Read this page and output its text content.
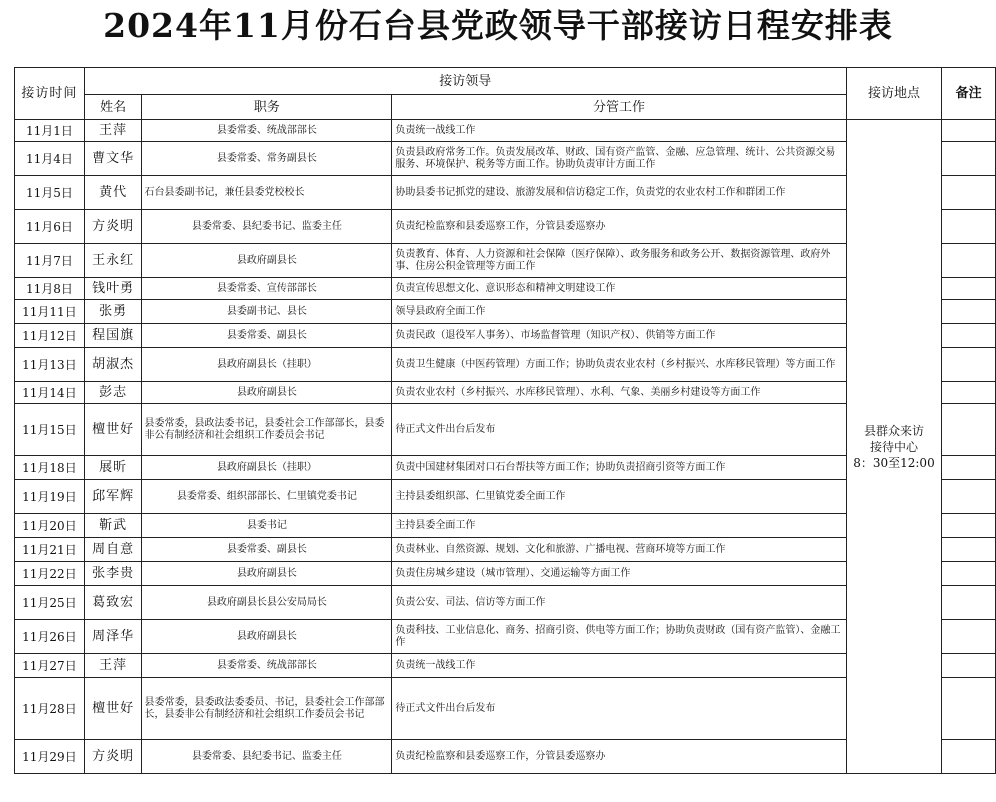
2024年11月份石台县党政领导干部接访日程安排表
接访时间	接访领导			接访地点	备注
	姓名	职务	分管工作		
11月1日	王萍	县委常委、统战部部长	负责统一战线工作	县群众来访
接待中心
8：30至12:00	

11月4日	曹文华	县委常委、常务副县长	负责县政府常务工作。负责发展改革、财政、国有资产监管、金融、应急管理、统计、公共资源交易服务、环境保护、税务等方面工作。协助负责审计方面工作		
11月5日	黄代	石台县委副书记，兼任县委党校校长	协助县委书记抓党的建设、旅游发展和信访稳定工作，负责党的农业农村工作和群团工作		
11月6日	方炎明	县委常委、县纪委书记、监委主任	负责纪检监察和县委巡察工作，分管县委巡察办		
11月7日	王永红	县政府副县长	负责教育、体育、人力资源和社会保障（医疗保障）、政务服务和政务公开、数据资源管理、政府外事、住房公积金管理等方面工作		
11月8日	钱叶勇	县委常委、宣传部部长	负责宣传思想文化、意识形态和精神文明建设工作		
11月11日	张勇	县委副书记、县长	领导县政府全面工作		
11月12日	程国旗	县委常委、副县长	负责民政（退役军人事务）、市场监督管理（知识产权）、供销等方面工作		
11月13日	胡淑杰	县政府副县长（挂职）	负责卫生健康（中医药管理）方面工作；协助负责农业农村（乡村振兴、水库移民管理）等方面工作		
11月14日	彭志	县政府副县长	负责农业农村（乡村振兴、水库移民管理）、水利、气象、美丽乡村建设等方面工作		
11月15日	檀世好	县委常委，县政法委书记，县委社会工作部部长，县委非公有制经济和社会组织工作委员会书记	待正式文件出台后发布		
11月18日	展昕	县政府副县长（挂职）	负责中国建材集团对口石台帮扶等方面工作；协助负责招商引资等方面工作		
11月19日	邱军辉	县委常委、组织部部长、仁里镇党委书记	主持县委组织部、仁里镇党委全面工作		
11月20日	靳武	县委书记	主持县委全面工作		
11月21日	周自意	县委常委、副县长	负责林业、自然资源、规划、文化和旅游、广播电视、营商环境等方面工作		
11月22日	张李贵	县政府副县长	负责住房城乡建设（城市管理）、交通运输等方面工作		
11月25日	葛致宏	县政府副县长县公安局局长	负责公安、司法、信访等方面工作		
11月26日	周泽华	县政府副县长	负责科技、工业信息化、商务、招商引资、供电等方面工作；协助负责财政（国有资产监管）、金融工作		
11月27日	王萍	县委常委、统战部部长	负责统一战线工作		
11月28日	檀世好	县委常委，县委政法委委员、书记，县委社会工作部部长，县委非公有制经济和社会组织工作委员会书记	待正式文件出台后发布		
11月29日	方炎明	县委常委、县纪委书记、监委主任	负责纪检监察和县委巡察工作，分管县委巡察办		
